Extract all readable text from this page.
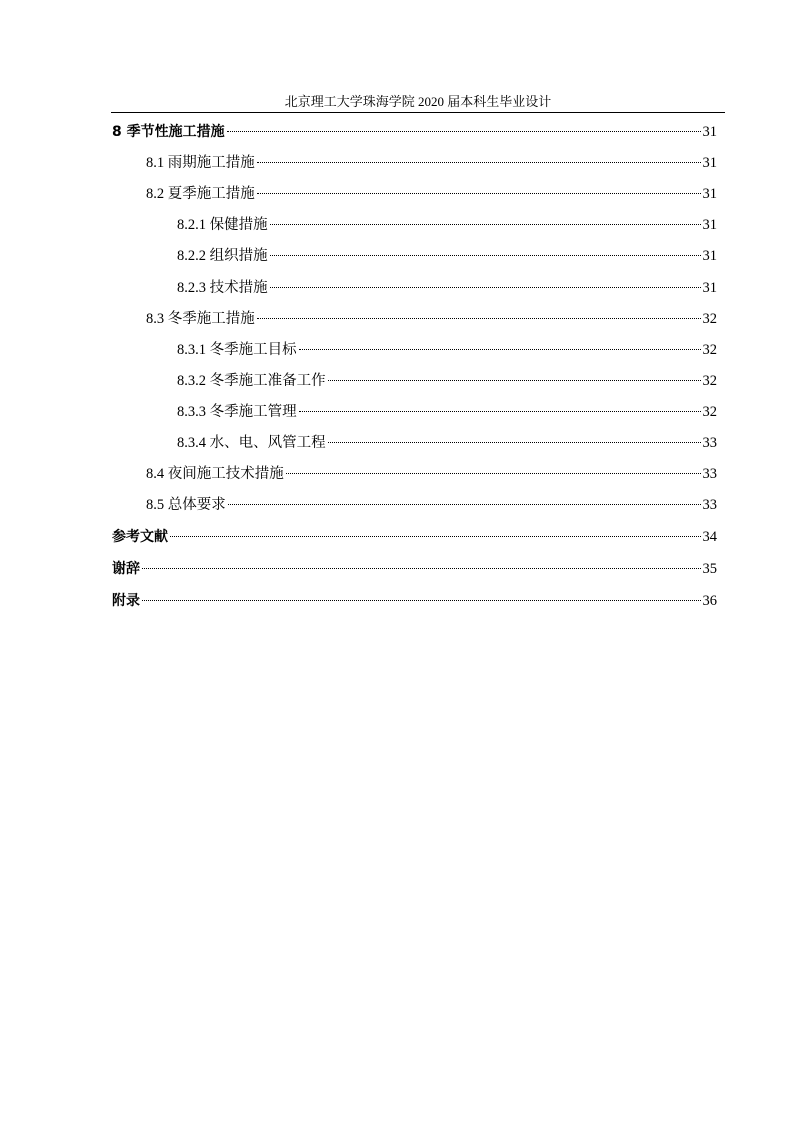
北京理工大学珠海学院 2020 届本科生毕业设计
8 季节性施工措施	31
8.1 雨期施工措施	31
8.2 夏季施工措施	31
8.2.1 保健措施	31
8.2.2 组织措施	31
8.2.3 技术措施	31
8.3 冬季施工措施	32
8.3.1 冬季施工目标	32
8.3.2 冬季施工准备工作	32
8.3.3 冬季施工管理	32
8.3.4 水、电、风管工程	33
8.4 夜间施工技术措施	33
8.5 总体要求	33
参考文献	34
谢辞	35
附录	36
